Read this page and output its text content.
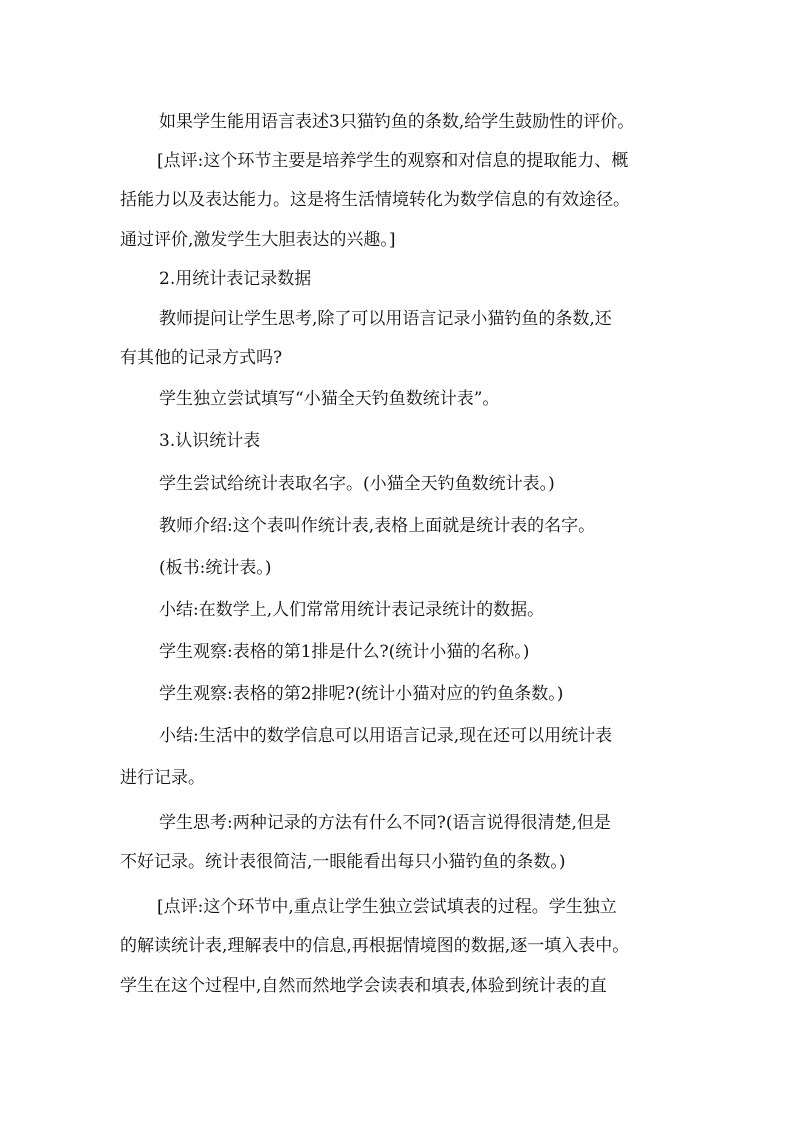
如果学生能用语言表述3只猫钓鱼的条数,给学生鼓励性的评价。
[点评:这个环节主要是培养学生的观察和对信息的提取能力、概
括能力以及表达能力。这是将生活情境转化为数学信息的有效途径。
通过评价,激发学生大胆表达的兴趣。]
2.用统计表记录数据
教师提问让学生思考,除了可以用语言记录小猫钓鱼的条数,还
有其他的记录方式吗?
学生独立尝试填写“小猫全天钓鱼数统计表”。
3.认识统计表
学生尝试给统计表取名字。(小猫全天钓鱼数统计表。)
教师介绍:这个表叫作统计表,表格上面就是统计表的名字。
(板书:统计表。)
小结:在数学上,人们常常用统计表记录统计的数据。
学生观察:表格的第1排是什么?(统计小猫的名称。)
学生观察:表格的第2排呢?(统计小猫对应的钓鱼条数。)
小结:生活中的数学信息可以用语言记录,现在还可以用统计表
进行记录。
学生思考:两种记录的方法有什么不同?(语言说得很清楚,但是
不好记录。统计表很简洁,一眼能看出每只小猫钓鱼的条数。)
[点评:这个环节中,重点让学生独立尝试填表的过程。学生独立
的解读统计表,理解表中的信息,再根据情境图的数据,逐一填入表中。
学生在这个过程中,自然而然地学会读表和填表,体验到统计表的直
